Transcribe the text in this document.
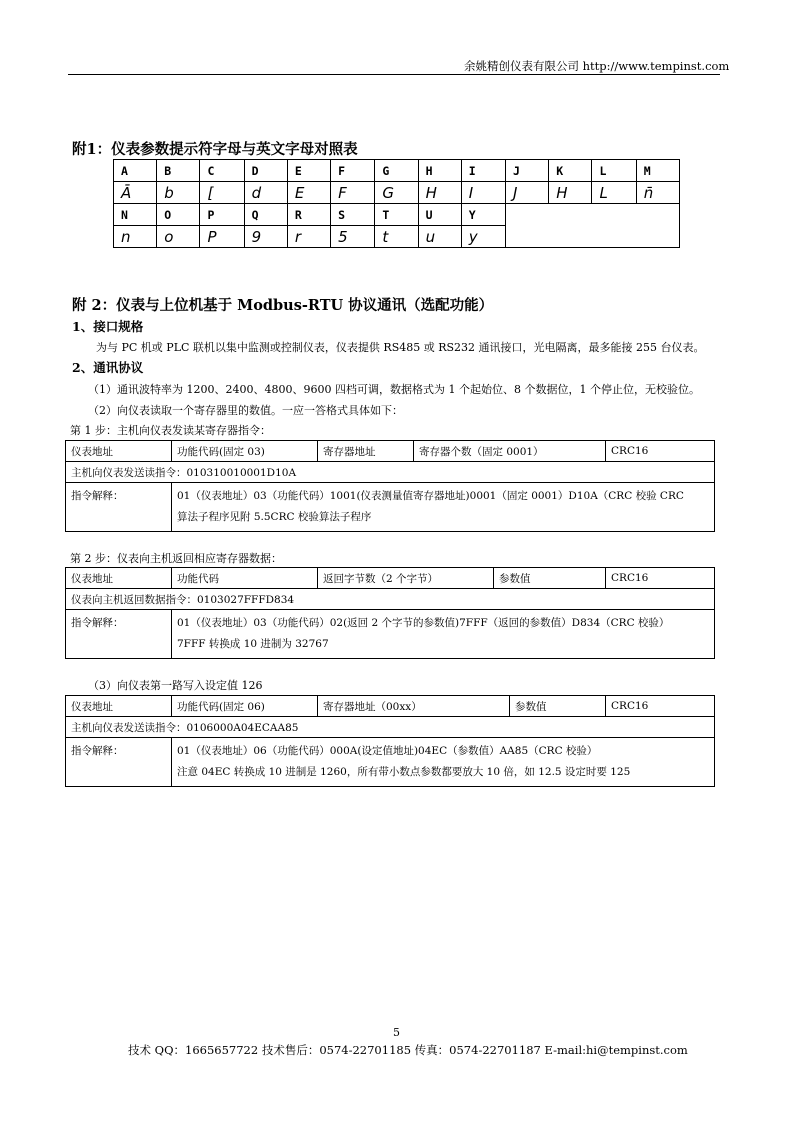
余姚精创仪表有限公司 http://www.tempinst.com
附1：仪表参数提示符字母与英文字母对照表
A	B	C	D	E	F	G	H	I	J	K	L	M
Ā	b	[	d	E	F	G	H	I	J	H	L	n̄
N	O	P	Q	R	S	T	U	Y				
n	o	P	9	r	5	t	u	y				
附 2：仪表与上位机基于 Modbus-RTU 协议通讯（选配功能）
1、接口规格
为与 PC 机或 PLC 联机以集中监测或控制仪表，仪表提供 RS485 或 RS232 通讯接口，光电隔离，最多能接 255 台仪表。
2、通讯协议
（1）通讯波特率为 1200、2400、4800、9600 四档可调，数据格式为 1 个起始位、8 个数据位，1 个停止位，无校验位。
（2）向仪表读取一个寄存器里的数值。一应一答格式具体如下：
第 1 步：主机向仪表发读某寄存器指令：
仪表地址	功能代码(固定 03)	寄存器地址	寄存器个数（固定 0001）	CRC16
主机向仪表发送读指令：010310010001D10A				
指令解释：	01（仪表地址）03（功能代码）1001(仪表测量值寄存器地址)0001（固定 0001）D10A（CRC 校验 CRC
算法子程序见附 5.5CRC 校验算法子程序			
第 2 步：仪表向主机返回相应寄存器数据：
仪表地址	功能代码	返回字节数（2 个字节）	参数值	CRC16
仪表向主机返回数据指令：0103027FFFD834				
指令解释：	01（仪表地址）03（功能代码）02(返回 2 个字节的参数值)7FFF（返回的参数值）D834（CRC 校验）
7FFF 转换成 10 进制为 32767			
（3）向仪表第一路写入设定值 126
仪表地址	功能代码(固定 06)	寄存器地址（00xx）	参数值	CRC16
主机向仪表发送读指令：0106000A04ECAA85				
指令解释：	01（仪表地址）06（功能代码）000A(设定值地址)04EC（参数值）AA85（CRC 校验）
注意 04EC 转换成 10 进制是 1260，所有带小数点参数都要放大 10 倍，如 12.5 设定时要 125			
5
技术 QQ：1665657722 技术售后：0574-22701185 传真：0574-22701187 E-mail:hi@tempinst.com
